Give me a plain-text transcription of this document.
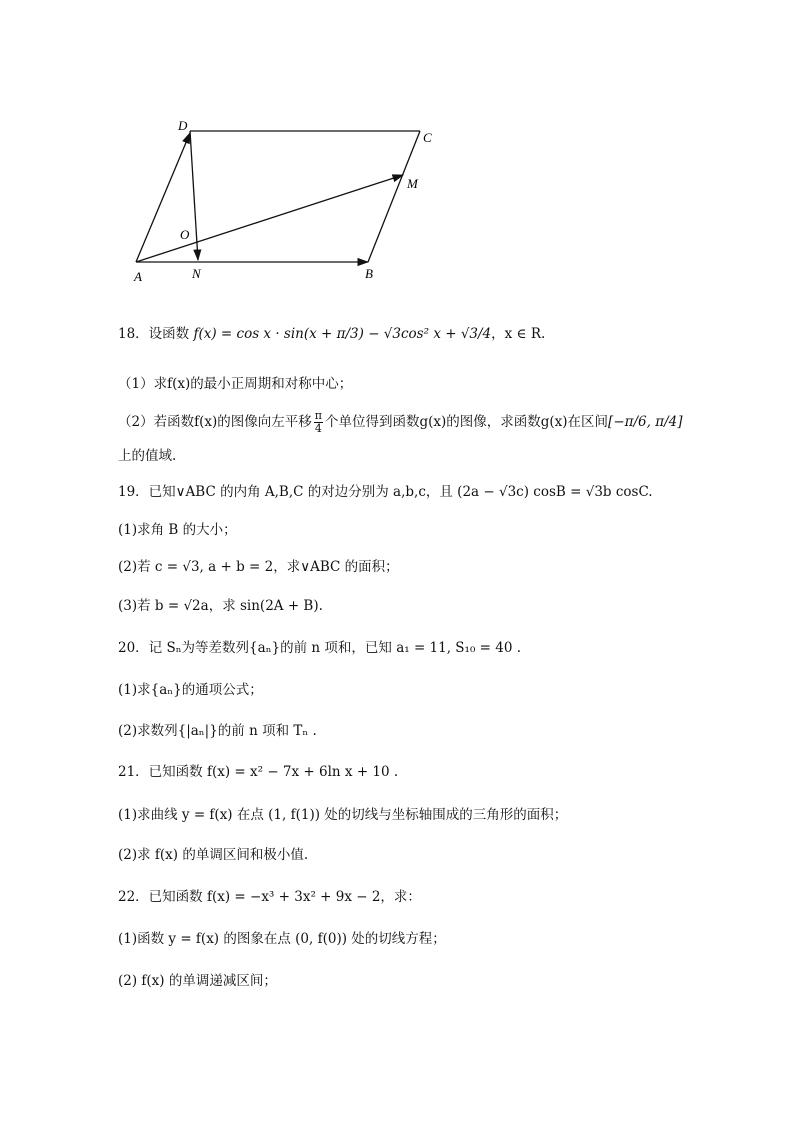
D
C
M
O
A	N	B
18．设函数 f(x) = cos x · sin(x + π/3) − √3cos² x + √3/4，x ∈ R.
（1）求f(x)的最小正周期和对称中心；
（2）若函数f(x)的图像向左平移 $\frac{\pi}{4}$ 个单位得到函数g(x)的图像，求函数g(x)在区间[−π/6, π/4]
上的值域.
19．已知∨ABC 的内角 A,B,C 的对边分别为 a,b,c，且 (2a − √3c) cosB = √3b cosC.
(1)求角 B 的大小；
(2)若 c = √3, a + b = 2，求∨ABC 的面积；
(3)若 b = √2a，求 sin(2A + B).
20．记 Sₙ为等差数列{aₙ}的前 n 项和，已知 a₁ = 11, S₁₀ = 40 .
(1)求{aₙ}的通项公式；
(2)求数列{|aₙ|}的前 n 项和 Tₙ .
21．已知函数 f(x) = x² − 7x + 6ln x + 10 .
(1)求曲线 y = f(x) 在点 (1, f(1)) 处的切线与坐标轴围成的三角形的面积；
(2)求 f(x) 的单调区间和极小值.
22．已知函数 f(x) = −x³ + 3x² + 9x − 2，求：
(1)函数 y = f(x) 的图象在点 (0, f(0)) 处的切线方程；
(2) f(x) 的单调递减区间；
